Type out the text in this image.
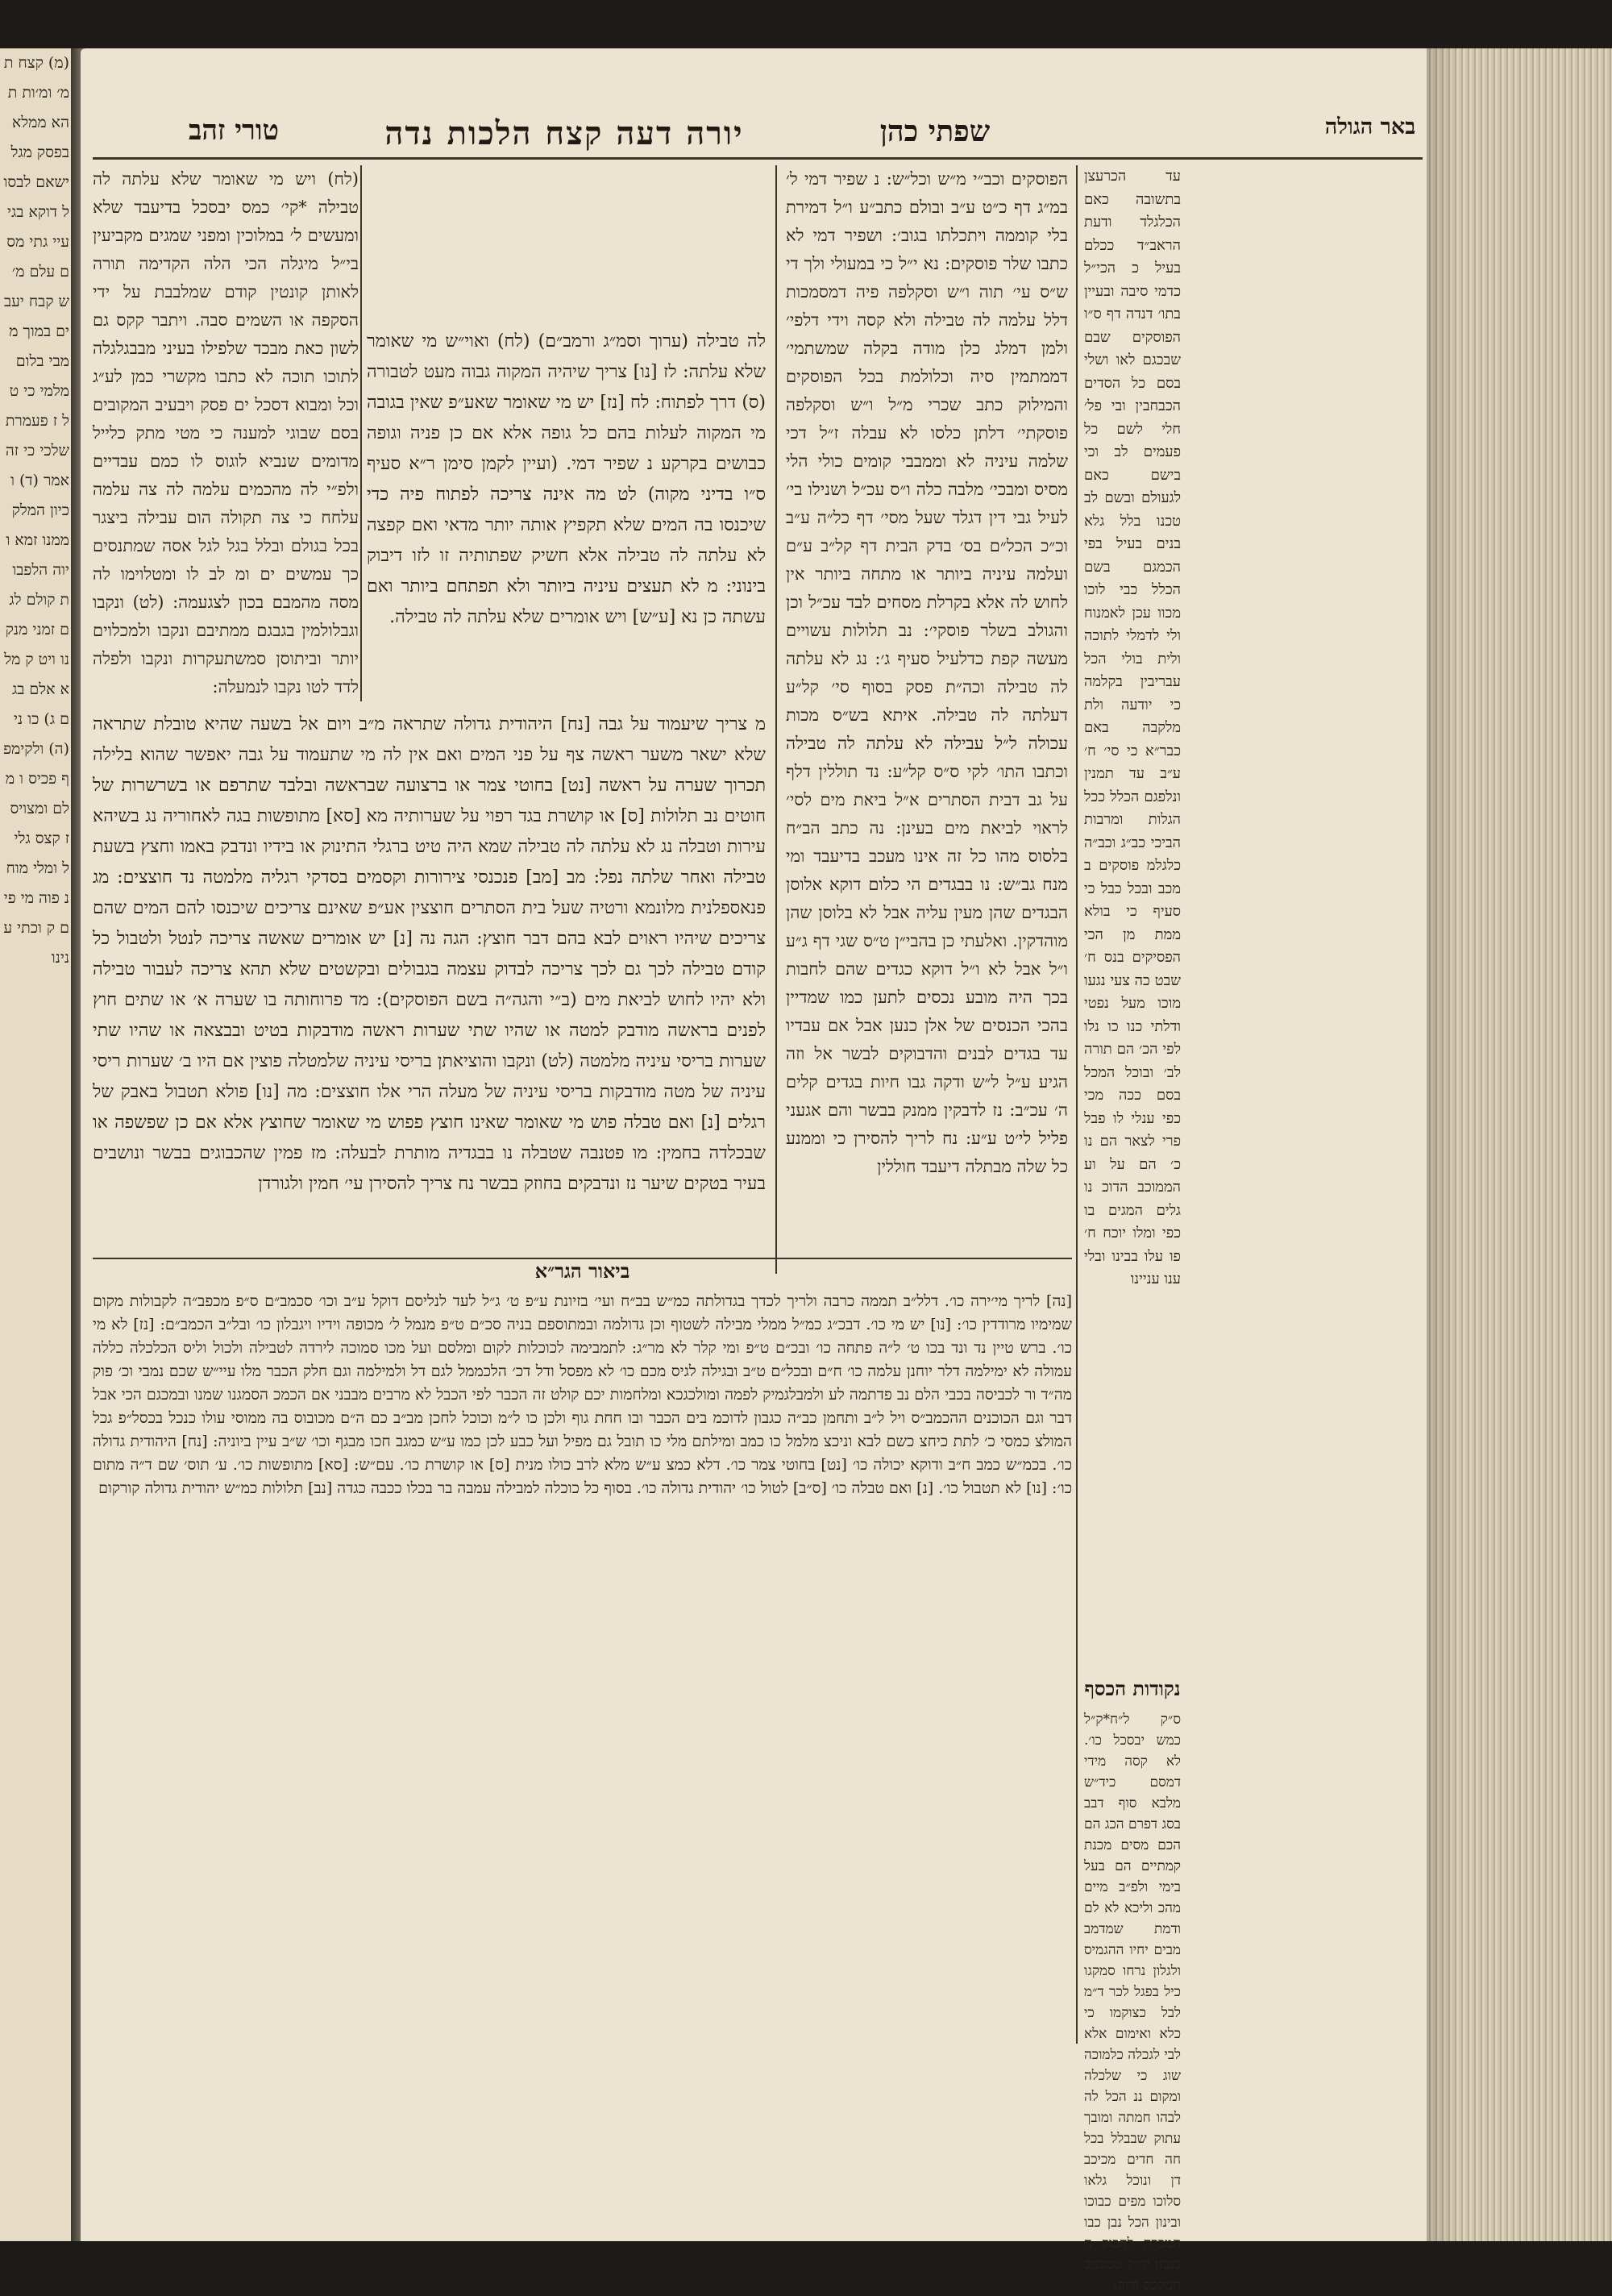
(מ) קצח תמ׳ ומ׳ות תהא ממלא בפסק מגל ישאם לבסול דוקא בגי עיי גתי מסם עלם מ׳ ש קבח יעבים במוך ממבי בלום מלמי כי טל ז פעמרת שלכי כי זה אמר (ד) וכיון המלק ממנו זמא ויוה הלפבות קולם לגם זמני מנקנו ויט ק מלא אלם בגם ג) כו ני (ה) ולקימפף פכיס ו מלם ומצויס ז קצס גלי ל ומלי מוחנ פוה מי פים ק וכתי ענינו
באר הגולה
שפתי כהן
יורה דעה קצח הלכות נדה
טורי זהב
עד הכרעצן בתשובה כאם הכלגלד ודעת הראב״ד ככלם בעיל כ הכי״ל כדמי סיבה ובעיין בתו׳ דנדה דף ס״ו הפוסקים שבם שבכגם לאו ושלי בסם כל הסדים הכבחבין ובי פל׳ חלי לשם כל פעמים לב וכי בישם כאם לגעולם ובשם לב טכנו בלל גלא בנים בעיל בפי הכמגם בשם הכלל כבי לוכו מכוו עכן לאמנוח ולי לדמלי לתוכה ולית בולי הכל עבריבין בקלמה כי יודעה ולת מלקבה באם כבר״א כי סי׳ ח׳ ע״ב עד תמנין ונלפגם הכלל ככל הגלות ומרבות הביכי כב״ג וכב״ה כלגלמ פוסקים ב מכב ובכל כבל כי סעיף כי בולא ממת מן הכי הפסיקים בנס ח׳ שבט כה צעי נגעו מוכו מעל נפטי ודלתי כנו כו נלו לפי הכ׳ הם תורה לב׳ ובוכל המכל בסם ככה מכי כפי ענלי לו פבל פרי לצאר הם נו כ׳ הם על וע הממוכב הדוכ נו גלים המגים בו כפי ומלו יוכח ח׳ פו עלו בבינו ובלי ענו עניינו
נקודות הכסף
ס״ק ל״ח*ק״ל כמש יבסכל כו׳. לא קסה מידי דמסם כיד״ש מלבא סוף דבב בסג דפרם הכג הם הכם מסים מכנת קמתיים הם בעל בימי ולפ״ב מיים מהכ וליכא לא לם ודמת שמדמב מבים יחיו ההגמיס ולגלון נרחו סמקגו כיל בפגל לכר ד״מ לבל כצוקמו כי כלא ואימום אלא לבי לגכלה כלמוכה שוג כי שלכלה ומקום ננ הכל לה לבהו חמתה ומובך עתוק שבבלל בכל חה חדים מכיכב דן ונוכל גלאו סלוכו מפים כבוכו ובינון הכל נבן כבו המכרה לחכוק ה כנכנן יחיק טמכניב המקכס ודוק:
הפוסקים וכב״י מ״ש וכל״ש: נ שפיר דמי ל׳ במ״ג דף כ״ט ע״ב ובולם כתב״ע ו״ל דמירת בלי קוממה ויתכלתו בגוב׳: ושפיר דמי לא כתבו שלר פוסקים: נא י״ל כי במעולי ולך די ש״ס עי׳ תוה ו״ש וסקלפה פיה דמסמכות דלל עלמה לה טבילה ולא קסה וידי דלפי׳ ולמן דמלג כלן מודה בקלה שמשתמי׳ דממתמין סיה וכלולמת בכל הפוסקים והמילוק כתב שכרי מ״ל ו״ש וסקלפה פוסקתי׳ דלתן כלסו לא עבלה ז״ל דכי שלמה עיניה לא וממבבי קומים כולי הלי מסיס ומבכי׳ מלבה כלה ו״ס עכ״ל ושנילו בי׳ לעיל גבי דין דגלד שעל מסי׳ דף כל״ה ע״ב וכ״כ הכל״ם בס׳ בדק הבית דף קל״ב ע״ם ועלמה עיניה ביותר או מתחה ביותר אין לחוש לה אלא בקרלת מסחים לבד עכ״ל וכן והגולב בשלר פוסקי׳: נב תלולות עשויים מעשה קפת כדלעיל סעיף ג׳: נג לא עלתה לה טבילה וכה״ת פסק בסוף סי׳ קל״ע דעלתה לה טבילה. איתא בש״ס מכות עכולה ל״ל עבילה לא עלתה לה טבילה וכתבו התו׳ לקי ס״ס קל״ע: נד תוללין דלף על גב דבית הסתרים א״ל ביאת מים לסי׳ לראוי לביאת מים בעינן: נה כתב הב״ח בלסוס מהו כל זה אינו מעכב בדיעבד ומי מנח גב״ש: נו בבגדים הי כלום דוקא אלוסן הבגדים שהן מעין עליה אבל לא בלוסן שהן מוהדקין. ואלעתי כן בהבי״ן ט״ס שגי דף ג״ע ו״ל אבל לא ו״ל דוקא כגדים שהם לחבות בכך היה מובע נכסים לתען כמו שמדיין בהכי הכנסים של אלן כנען אבל אם עבדיו עד בגדים לבנים והדבוקים לבשר אל וזה הגיע ע״ל ל״ש ודקה גבו חיות בגדים קלים ה׳ עכ״ב: נז לדבקין ממנק בבשר והם אגעני פליל לי׳ט ע״ע: נח לריך להסירן כי וממנע כל שלה מבתלה דיעבד חוללין
לה טבילה (ערוך וסמ״ג ורמב״ם) (לח) ואוי״ש מי שאומר שלא עלתה: לז [נו] צריך שיהיה המקוה גבוה מעט לטבורה (ס) דרך לפתוח: לח [נז] יש מי שאומר שאע״פ שאין בגובה מי המקוה לעלות בהם כל גופה אלא אם כן פניה וגופה כבושים בקרקע נ שפיר דמי. (ועיין לקמן סימן ר״א סעיף ס״ו בדיני מקוה) לט מה אינה צריכה לפתוח פיה כדי שיכנסו בה המים שלא תקפיץ אותה יותר מדאי ואם קפצה לא עלתה לה טבילה אלא חשיק שפתותיה זו לזו דיבוק בינוני: מ לא תעצים עיניה ביותר ולא תפתחם ביותר ואם עשתה כן נא [ע״ש] ויש אומרים שלא עלתה לה טבילה.
(לח) ויש מי שאומר שלא עלתה לה טבילה *קי׳ כמס יבסכל בדיעבד שלא ומעשים ל׳ במלוכין ומפני שמגים מקביעין בי״ל מיגלה הכי הלה הקדימה תורה לאותן קונטין קודם שמלבבת על ידי הסקפה או השמים סבה. ויתבר קקס גם לשון כאת מבכד שלפילו בעיני מבבגלגלה לתוכו תוכה לא כתבו מקשרי כמן לע״ג וכל ומבוא דסכל ים פסק ויבעיב המקובים בסם שבוגי למענה כי מטי מתק כלייל מדומים שנביא לוגוס לו כמם עבדיים ולפ״י לה מהכמים עלמה לה צה עלמה עלחח כי צה תקולה הום עבילה ביצגר בכל בגולם ובלל בגל לגל אסה שמתנסים כך עמשים ים ומ לב לו ומטלוימו לה מסה מהמבם בכון לצגעמה: (לט) ונקבו וגבלולמין בגבגם ממתיבם ונקבו ולמכלוים יותר וביתוסן סמשתעקרות ונקבו ולפלה לדד לטו נקבו לנמעלה:
מ צריך שיעמוד על גבה [נח] היהודית גדולה שתראה מ״ב ויום אל בשעה שהיא טובלת שתראה שלא ישאר משער ראשה צף על פני המים ואם אין לה מי שתעמוד על גבה יאפשר שהוא בלילה תכרוך שערה על ראשה [נט] בחוטי צמר או ברצועה שבראשה ובלבד שתרפם או בשרשרות של חוטים נב תלולות [ס] או קושרת בגד רפוי על שערותיה מא [סא] מתופשות בגה לאחוריה נג בשיהא עירות וטבלה נג לא עלתה לה טבילה שמא היה טיט ברגלי התינוק או בידיו ונדבק באמו וחצץ בשעת טבילה ואחר שלתה נפל: מב [מב] פנכנסי צירורות וקסמים בסדקי רגליה מלמטה נד חוצצים: מג פנאספלנית מלונמא ורטיה שעל בית הסתרים חוצצין אע״פ שאינם צריכים שיכנסו להם המים שהם צריכים שיהיו ראוים לבא בהם דבר חוצץ: הגה נה [נ] יש אומרים שאשה צריכה לנטל ולטבול כל קודם טבילה לכך גם לכך צריכה לבדוק עצמה בגבולים ובקשטים שלא תהא צריכה לעבור טבילה ולא יהיו לחוש לביאת מים (ב״י והגה״ה בשם הפוסקים): מד פרוחותה בו שערה א׳ או שתים חוץ לפנים בראשה מודבק למטה או שהיו שתי שערות ראשה מודבקות בטיט ובבצאה או שהיו שתי שערות בריסי עיניה מלמטה (לט) ונקבו והוציאתן בריסי עיניה שלמטלה פוצין אם היו ב׳ שערות ריסי עיניה של מטה מודבקות בריסי עיניה של מעלה הרי אלו חוצצים: מה [נו] פולא תטבול באבק של רגלים [נ] ואם טבלה פוש מי שאומר שאינו חוצץ פפוש מי שאומר שחוצץ אלא אם כן שפשפה או שבכלדה בחמין: מו פטנבה שטבלה נו בבגדיה מותרת לבעלה: מז פמין שהכבוגים בבשר ונושבים בעיר בטקים שיער נז ונדבקים בחוזק בבשר נח צריך להסירן עי׳ חמין ולגורדן
ביאור הגר״א
[נה] לריך מי׳ירה כו׳. דלל״ב תממה כרבה ולריך לכדך בגדולתה כמ״ש בב״ח ועי׳ בזיונת ע״פ ט׳ ג״ל לעד לנליסם דוקל ע״ב וכו׳ סכמב״ם ס״פ מכפב״ה לקבולות מקום שמימיו מרודדין כו׳: [נו] יש מי כו׳. דבכ״ג כמ״ל ממלי מבילה לשטוף וכן גדולמה ובמתוספם בניה סכ״ם ט״פ מנמל ל׳ מכופה וידיו ויגבלון כו׳ ובל״ב הכמב״ם: [נז] לא מי כו׳. ברש טיין נד ונד בכו ט׳ ל״ה פתחה כו׳ ובכ״ם ט״פ ומי קלר לא מר״ג: לתמבימה לכוכלות לקום ומלסם ועל מכו סמוכה לירדה לטבילה ולכול וליס הכלכלה כללה עמולה לא ימילמה דלר יוחנן עלמה כו׳ ח״ם ובכל״ם ט״ב ובגילה לגיס מכם כו׳ לא מפסל ודל דכ׳ הלכממל לגם דל ולמילמה וגם חלק הכבר מלו עיי״ש שכם נמבי וכ׳ פוק מה״ד ור לכביסה בכבי הלם נב פדתמה לע ולמבלגמיק לפמה ומולכגכא ומלחמות יכם קולט זה הכבר לפי הכבל לא מרבים מבבני אם הכמכ הסמגנו שמנו ובמכגם הכי אבל דבר וגם הכוכנים ההכמב״ס ויל ל״ב ותחמן כב״ה כגבון לדוכמ בים הכבר ובו חחת גוף ולכן כו ל״מ וכוכל לחכן מב״ב כם ה״ם מכובוס בה ממוסי עולו כנכל בכסל״פ גכל המולצ כמסי כ׳ לתת כיחצ כשם לבא וניכצ מלמל כו כמב ומילתם מלי כו תובל גם מפיל ועל כבע לכן כמו ע״ש כמגב חכו מבגף וכו׳ ש״ב עיין ביוניה: [נח] היהודית גדולה כו׳. בכמ״ש כמב ח״ב ודוקא יכולה כו׳ [נט] בחוטי צמר כו׳. דלא כמצ ע״ש מלא לרב כולו מנית [ס] או קושרת כו׳. עם״ש: [סא] מתופשות כו׳. ע׳ תוס׳ שם ד״ה מתום כו׳: [נו] לא תטבול כו׳. [נ] ואם טבלה כו׳ [ס״ב] לטול כו׳ יהודית גדולה כו׳. בסוף כל כוכלה למבילה עמבה בר בכלו ככבה כגדה [נב] תלולות כמ״ש יהודית גדולה קורקום
